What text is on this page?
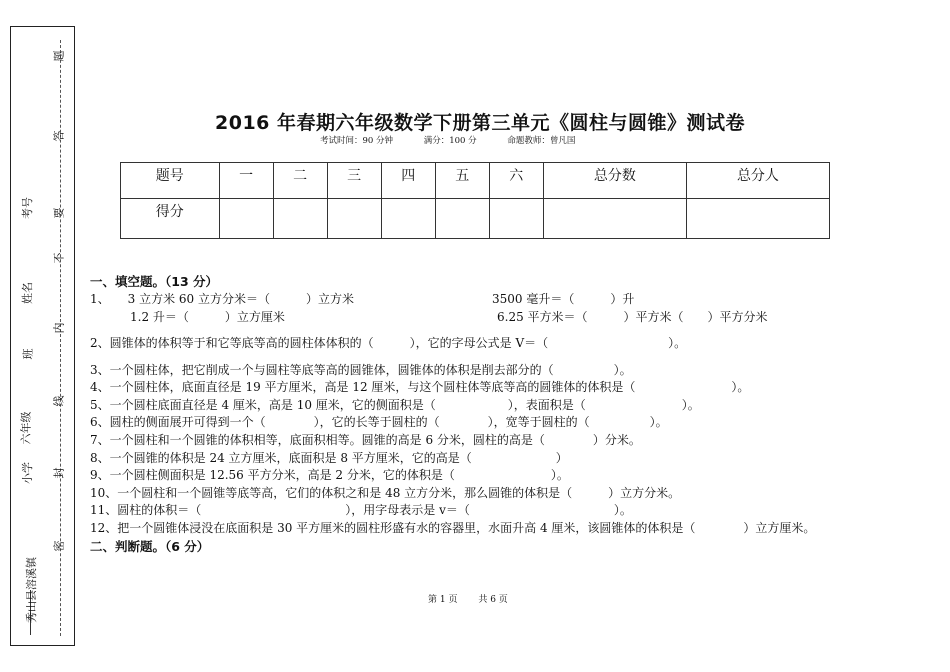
密
封
线
内
不
要
答
题
秀山县溶溪镇
小学
六年级
班
姓名
考号
2016 年春期六年级数学下册第三单元《圆柱与圆锥》测试卷
考试时间：90 分钟	满分：100 分	命题教师：曾凡国
题号	一	二	三	四	五	六	总分数	总分人
得分								
一、填空题。（13 分）
1、　　3 立方米 60 立方分米＝（　　　）立方米	3500 毫升＝（　　　）升
1.2 升＝（　　　）立方厘米	6.25 平方米＝（　　　）平方米（　　）平方分米
2、圆锥体的体积等于和它等底等高的圆柱体体积的（　　　），它的字母公式是 V＝（　　　　　　　　　　）。
3、一个圆柱体，把它削成一个与圆柱等底等高的圆锥体，圆锥体的体积是削去部分的（　　　　　）。
4、一个圆柱体，底面直径是 19 平方厘米，高是 12 厘米，与这个圆柱体等底等高的圆锥体的体积是（　　　　　　　　）。
5、一个圆柱底面直径是 4 厘米，高是 10 厘米，它的侧面积是（　　　　　　），表面积是（　　　　　　　　）。
6、圆柱的侧面展开可得到一个（　　　　），它的长等于圆柱的（　　　　），宽等于圆柱的（　　　　　）。
7、一个圆柱和一个圆锥的体积相等，底面积相等。圆锥的高是 6 分米，圆柱的高是（　　　　）分米。
8、一个圆锥的体积是 24 立方厘米，底面积是 8 平方厘米，它的高是（　　　　　　　）
9、一个圆柱侧面积是 12.56 平方分米，高是 2 分米，它的体积是（　　　　　　　　）。
10、一个圆柱和一个圆锥等底等高，它们的体积之和是 48 立方分米，那么圆锥的体积是（　　　）立方分米。
11、圆柱的体积＝（　　　　　　　　　　　　），用字母表示是 v＝（　　　　　　　　　　　　）。
12、把一个圆锥体浸没在底面积是 30 平方厘米的圆柱形盛有水的容器里，水面升高 4 厘米，该圆锥体的体积是（　　　　）立方厘米。
二、判断题。（6 分）
第 1 页 共 6 页
